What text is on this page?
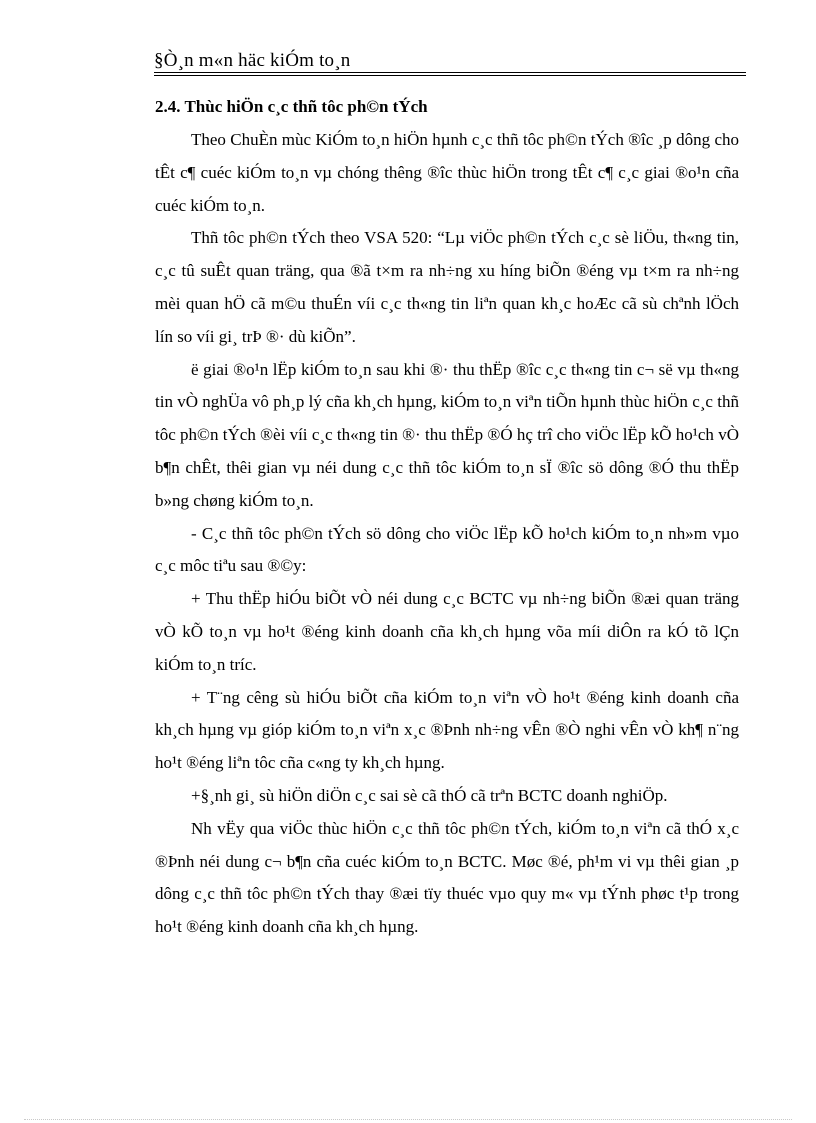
§Ò¸n m«n häc kiÓm to¸n
2.4. Thùc hiÖn c¸c thñ tôc ph©n tÝch

Theo ChuÈn mùc KiÓm to¸n hiÖn hµnh c¸c thñ tôc ph©n tÝch ®îc ¸p dông cho tÊt c¶ cuéc kiÓm to¸n vµ chóng thêng ®îc thùc hiÖn trong tÊt c¶ c¸c giai ®o¹n cña cuéc kiÓm to¸n.

Thñ tôc ph©n tÝch theo VSA 520: “Lµ viÖc ph©n tÝch c¸c sè liÖu, th«ng tin, c¸c tû suÊt quan träng, qua ®ã t×m ra nh÷ng xu híng biÕn ®éng vµ t×m ra nh÷ng mèi quan hÖ cã m©u thuÉn víi c¸c th«ng tin liªn quan kh¸c hoÆc cã sù chªnh lÖch lín so víi gi¸ trÞ ®· dù kiÕn”.

ë giai ®o¹n lËp kiÓm to¸n sau khi ®· thu thËp ®îc c¸c th«ng tin c¬ së vµ th«ng tin vÒ nghÜa vô ph¸p lý cña kh¸ch hµng, kiÓm to¸n viªn tiÕn hµnh thùc hiÖn c¸c thñ tôc ph©n tÝch ®èi víi c¸c th«ng tin ®· thu thËp ®Ó hç trî cho viÖc lËp kÕ ho¹ch vÒ b¶n chÊt, thêi gian vµ néi dung c¸c thñ tôc kiÓm to¸n sÏ ®îc sö dông ®Ó thu thËp b»ng chøng kiÓm to¸n.

- C¸c thñ tôc ph©n tÝch sö dông cho viÖc lËp kÕ ho¹ch kiÓm to¸n nh»m vµo c¸c môc tiªu sau ®©y:

+ Thu thËp hiÓu biÕt vÒ néi dung c¸c BCTC vµ nh÷ng biÕn ®æi quan träng vÒ kÕ to¸n vµ ho¹t ®éng kinh doanh cña kh¸ch hµng võa míi diÔn ra kÓ tõ lÇn kiÓm to¸n tríc.

+ T¨ng cêng sù hiÓu biÕt cña kiÓm to¸n viªn vÒ ho¹t ®éng kinh doanh cña kh¸ch hµng vµ gióp kiÓm to¸n viªn x¸c ®Þnh nh÷ng vÊn ®Ò nghi vÊn vÒ kh¶ n¨ng ho¹t ®éng liªn tôc cña c«ng ty kh¸ch hµng.

+§¸nh gi¸ sù hiÖn diÖn c¸c sai sè cã thÓ cã trªn BCTC doanh nghiÖp.

Nh vËy qua viÖc thùc hiÖn c¸c thñ tôc ph©n tÝch, kiÓm to¸n viªn cã thÓ x¸c ®Þnh néi dung c¬ b¶n cña cuéc kiÓm to¸n BCTC. Møc ®é, ph¹m vi vµ thêi gian ¸p dông c¸c thñ tôc ph©n tÝch thay ®æi tïy thuéc vµo quy m« vµ tÝnh phøc t¹p trong ho¹t ®éng kinh doanh cña kh¸ch hµng.
